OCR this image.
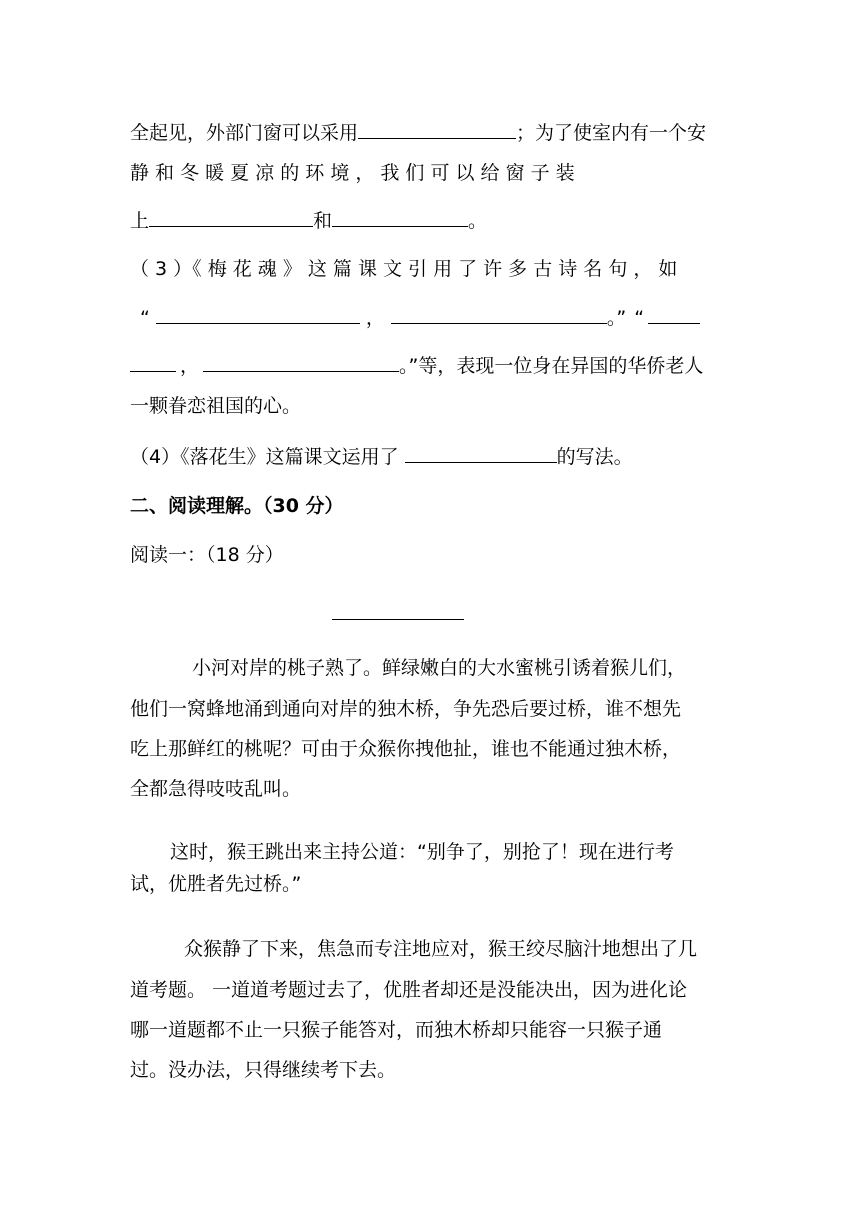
全起见，外部门窗可以采用	；为了使室内有一个安
静 和 冬 暖 夏 凉 的 环 境 ， 我 们 可 以 给 窗 子 装
上	和	。
（ 3 ）《 梅 花 魂 》 这 篇 课 文 引 用 了 许 多 古 诗 名 句 ， 如
“	，	。” “
，	。”等，表现一位身在异国的华侨老人
一颗眷恋祖国的心。
（4）《落花生》这篇课文运用了	的写法。
二、阅读理解。（30 分）
阅读一：（18 分）
小河对岸的桃子熟了。鲜绿嫩白的大水蜜桃引诱着猴儿们，
他们一窝蜂地涌到通向对岸的独木桥，争先恐后要过桥，谁不想先
吃上那鲜红的桃呢？可由于众猴你拽他扯，谁也不能通过独木桥，
全都急得吱吱乱叫。
这时，猴王跳出来主持公道：“别争了，别抢了！现在进行考
试，优胜者先过桥。”
众猴静了下来，焦急而专注地应对，猴王绞尽脑汁地想出了几
道考题。 一道道考题过去了，优胜者却还是没能决出，因为进化论
哪一道题都不止一只猴子能答对，而独木桥却只能容一只猴子通
过。没办法，只得继续考下去。
